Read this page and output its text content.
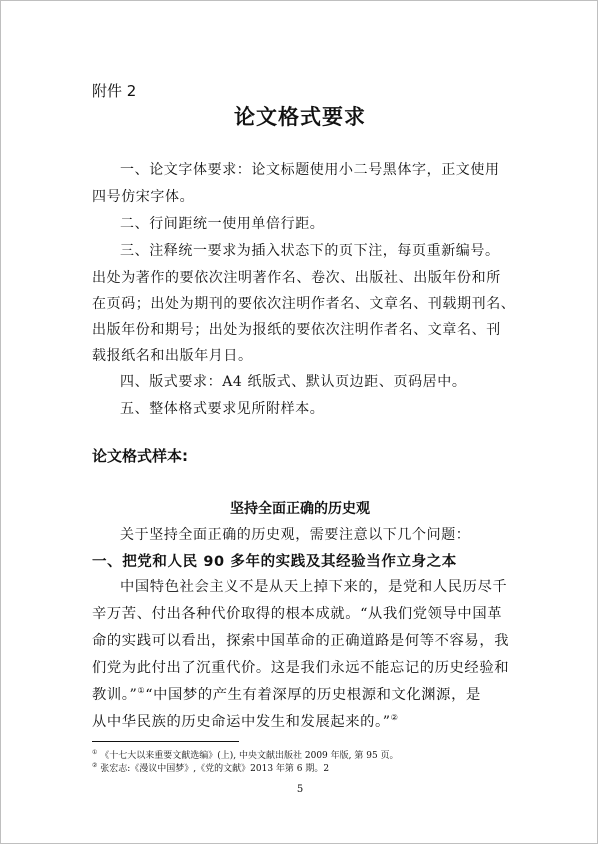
附件 2
论文格式要求
一、论文字体要求：论文标题使用小二号黑体字，正文使用
四号仿宋字体。
二、行间距统一使用单倍行距。
三、注释统一要求为插入状态下的页下注，每页重新编号。
出处为著作的要依次注明著作名、卷次、出版社、出版年份和所
在页码；出处为期刊的要依次注明作者名、文章名、刊载期刊名、
出版年份和期号；出处为报纸的要依次注明作者名、文章名、刊
载报纸名和出版年月日。
四、版式要求：A4 纸版式、默认页边距、页码居中。
五、整体格式要求见所附样本。
论文格式样本:
坚持全面正确的历史观
关于坚持全面正确的历史观，需要注意以下几个问题：
一、把党和人民 90 多年的实践及其经验当作立身之本
中国特色社会主义不是从天上掉下来的，是党和人民历尽千
辛万苦、付出各种代价取得的根本成就。“从我们党领导中国革
命的实践可以看出，探索中国革命的正确道路是何等不容易，我
们党为此付出了沉重代价。这是我们永远不能忘记的历史经验和
教训。”①“中国梦的产生有着深厚的历史根源和文化渊源，是
从中华民族的历史命运中发生和发展起来的。”②
① 《十七大以来重要文献选编》(上), 中央文献出版社 2009 年版, 第 95 页。
② 张宏志:《漫议中国梦》,《党的文献》2013 年第 6 期。2
5
